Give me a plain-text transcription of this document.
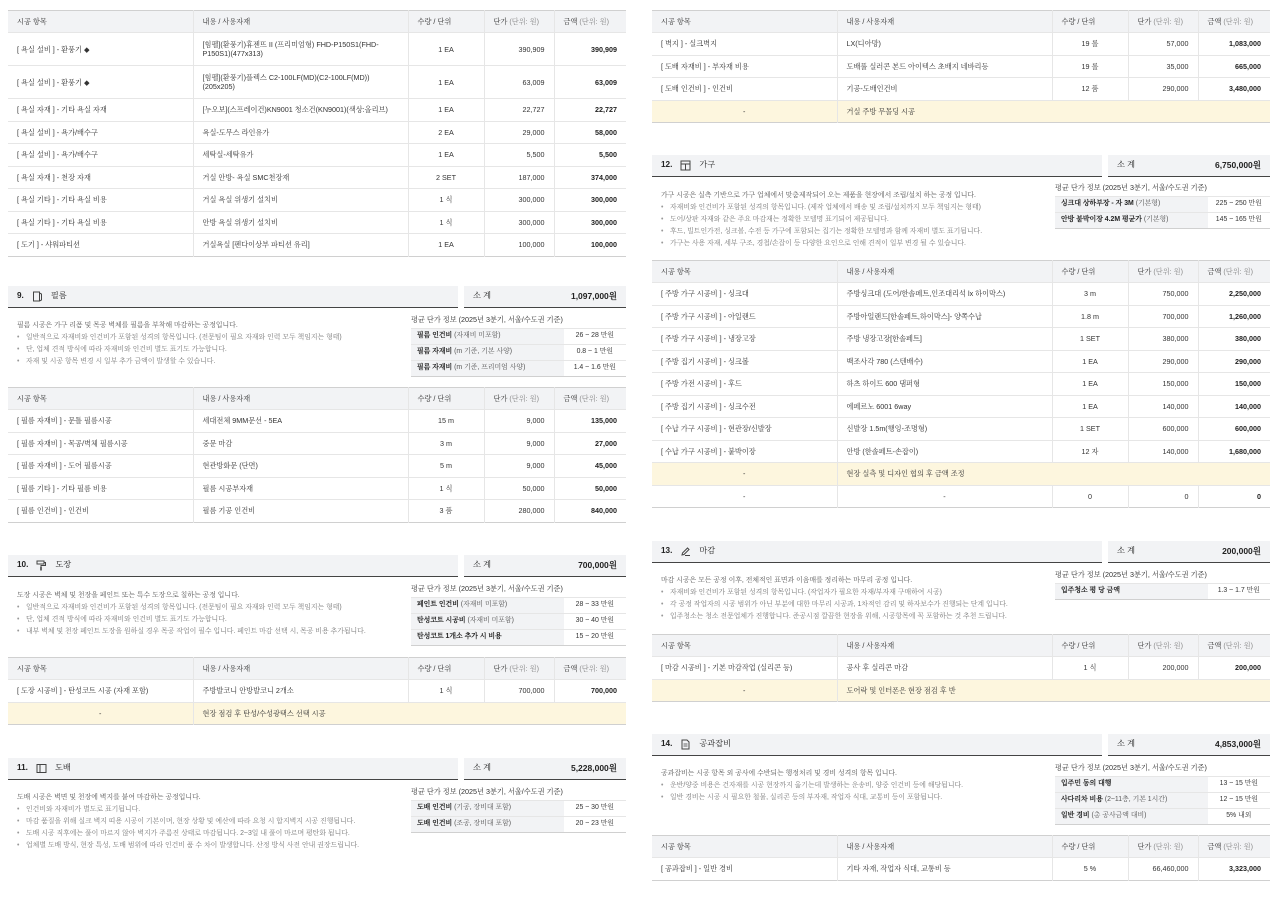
시공 항목	내용 / 사용자재	수량 / 단위	단가 (단위: 원)	금액 (단위: 원)
[ 욕실 설비 ] - 환풍기 ◆	[힘펠](환풍기)휴젠뜨 II (프리미엄형) FHD-P150S1(FHD-P150S1)(477x313)	1 EA	390,909	390,909
[ 욕실 설비 ] - 환풍기 ◆	[힘펠](환풍기)플렉스 C2-100LF(MD)(C2-100LF(MD))(205x205)	1 EA	63,009	63,009
[ 욕실 자재 ] - 기타 욕실 자재	[누오보](스프레이건)KN9001 청소건(KN9001)(색상:올리브)	1 EA	22,727	22,727
[ 욕실 설비 ] - 욕가/배수구	욕실-도무스 라인유가	2 EA	29,000	58,000
[ 욕실 설비 ] - 욕가/배수구	세탁실-세탁유가	1 EA	5,500	5,500
[ 욕실 자재 ] - 천장 자재	거실 안방- 욕실 SMC천장재	2 SET	187,000	374,000
[ 욕실 기타 ] - 기타 욕실 비용	거실 욕실 위생기 설치비	1 식	300,000	300,000
[ 욕실 기타 ] - 기타 욕실 비용	안방 욕실 위생기 설치비	1 식	300,000	300,000
[ 도기 ] - 샤워파티션	거실욕실 [펜다이상부 파티션 유리]	1 EA	100,000	100,000
9.	필름	소 계	1,097,000원
필름 시공은 가구 리폼 및 목공 벽체를 필름을 부착해 마감하는 공정입니다.
• 일반적으로 자재비와 인건비가 포함된 성격의 항목입니다. (전문팀이 필요 자재와 인력 모두 책임지는 형태)
• 단, 업체 견적 방식에 따라 자재비와 인건비 별도 표기도 가능합니다.
• 자재 및 시공 항목 변경 시 일부 추가 금액이 발생할 수 있습니다.
평균 단가 정보 (2025년 3분기, 서울/수도권 기준)
필름 인건비 (자재비 미포함)	26 ~ 28 만원
필름 자재비 (m 기준, 기본 사양)	0.8 ~ 1 만원
필름 자재비 (m 기준, 프리미엄 사양)	1.4 ~ 1.6 만원
시공 항목	내용 / 사용자재	수량 / 단위	단가 (단위: 원)	금액 (단위: 원)
[ 필름 자재비 ] - 문틀 필름시공	세대전체 9MM문선 - 5EA	15 m	9,000	135,000
[ 필름 자재비 ] - 목공/벽체 필름시공	중문 마감	3 m	9,000	27,000
[ 필름 자재비 ] - 도어 필름시공	현관방화문 (단면)	5 m	9,000	45,000
[ 필름 기타 ] - 기타 필름 비용	필름 시공부자재	1 식	50,000	50,000
[ 필름 인건비 ] - 인건비	필름 기공 인건비	3 품	280,000	840,000
10.	도장	소 계	700,000원
도장 시공은 벽체 및 천장을 페인트 또는 특수 도장으로 칠하는 공정 입니다.
• 일반적으로 자재비와 인건비가 포함된 성격의 항목입니다. (전문팀이 필요 자재와 인력 모두 책임지는 형태)
• 단, 업체 견적 방식에 따라 자재비와 인건비 별도 표기도 가능합니다.
• 내부 벽체 및 천장 페인트 도장을 원하실 경우 목공 작업이 필수 입니다. 페인트 마감 선택 시, 목공 비용 추가됩니다.
평균 단가 정보 (2025년 3분기, 서울/수도권 기준)
페인트 인건비 (자재비 미포함)	28 ~ 33 만원
탄성코트 시공비 (자재비 미포함)	30 ~ 40 만원
탄성코트 1개소 추가 시 비용	15 ~ 20 만원
시공 항목	내용 / 사용자재	수량 / 단위	단가 (단위: 원)	금액 (단위: 원)
[ 도장 시공비 ] - 탄성코트 시공 (자재 포함)	주방발코니 안방발코니 2개소	1 식	700,000	700,000
-	현장 점검 후 탄성/수성광택스 선택 시공			
11.	도배	소 계	5,228,000원
도배 시공은 벽면 및 천장에 벽지를 붙여 마감하는 공정입니다.
• 인건비와 자재비가 별도로 표기됩니다.
• 마감 품질을 위해 실크 벽지 띠용 시공이 기본이며, 현장 상황 및 예산에 따라 요청 시 합지벽지 시공 진행됩니다.
• 도배 시공 직후에는 풀이 마르지 않아 벽지가 주름진 상태로 마감됩니다. 2~3일 내 풀이 마르며 평탄화 됩니다.
• 업체별 도배 방식, 현장 특성, 도배 범위에 따라 인건비 품 수 차이 발생합니다. 산정 방식 사전 안내 권장드립니다.
평균 단가 정보 (2025년 3분기, 서울/수도권 기준)
도배 인건비 (기공, 장비대 포함)	25 ~ 30 만원
도배 인건비 (조공, 장비대 포함)	20 ~ 23 만원
시공 항목	내용 / 사용자재	수량 / 단위	단가 (단위: 원)	금액 (단위: 원)
[ 벽지 ] - 실크벽지	LX(디아망)	19 롤	57,000	1,083,000
[ 도배 자재비 ] - 부자재 비용	도배풀 실러콘 본드 아이텍스 초배지 네바리등	19 롤	35,000	665,000
[ 도배 인건비 ] - 인건비	기공-도배인건비	12 품	290,000	3,480,000
-	거실 주방 무몰딩 시공			
12.	가구	소 계	6,750,000원
가구 시공은 실측 기반으로 가구 업체에서 맞춤제작되어 오는 제품을 현장에서 조립/설치 하는 공정 입니다.
• 자재비와 인건비가 포함된 성격의 항목입니다. (제작 업체에서 배송 및 조립/설치까지 모두 책임지는 형태)
• 도어/상판 자재와 같은 주요 마감재는 정확한 모델명 표기되어 제공됩니다.
• 후드, 빌트인가전, 싱크볼, 수전 등 가구에 포함되는 집기는 정확한 모델명과 함께 자재비 별도 표기됩니다.
• 가구는 사용 자재, 세부 구조, 경첩/손잡이 등 다양한 요인으로 인해 견적이 일부 변경 될 수 있습니다.
평균 단가 정보 (2025년 3분기, 서울/수도권 기준)
싱크대 상하부장 - 자 3M (기본형)	225 ~ 250 만원
안방 붙박이장 4.2M 평균가 (기본형)	145 ~ 165 만원
시공 항목	내용 / 사용자재	수량 / 단위	단가 (단위: 원)	금액 (단위: 원)
[ 주방 가구 시공비 ] - 싱크대	주방싱크대 (도어/한솔페트,인조대리석 lx 하이막스)	3 m	750,000	2,250,000
[ 주방 가구 시공비 ] - 아일랜드	주방아일랜드[한솔페트,하이막스]- 양쪽수납	1.8 m	700,000	1,260,000
[ 주방 가구 시공비 ] - 냉장고장	주방 냉장고장[한솔페트]	1 SET	380,000	380,000
[ 주방 집기 시공비 ] - 싱크볼	백조사각 780 (스텐배수)	1 EA	290,000	290,000
[ 주방 가전 시공비 ] - 후드	하츠 하이드 600 댐퍼형	1 EA	150,000	150,000
[ 주방 집기 시공비 ] - 싱크수전	에페르노 6001 6way	1 EA	140,000	140,000
[ 수납 가구 시공비 ] - 현관장/신발장	신발장 1.5m(행잉-조명형)	1 SET	600,000	600,000
[ 수납 가구 시공비 ] - 붙박이장	안방 (한솔페트-손잡이)	12 자	140,000	1,680,000
-	현장 실측 및 디자인 협의 후 금액 조정			
-	-	0	0	0
13.	마감	소 계	200,000원
마감 시공은 모든 공정 이후, 전체적인 표면과 이음매를 정리하는 마무리 공정 입니다.
• 자재비와 인건비가 포함된 성격의 항목입니다. (작업자가 필요한 자재/부자재 구매하여 시공)
• 각 공정 작업자의 시공 범위가 아닌 부분에 대한 마무리 시공과, 1차적인 감리 및 하자보수가 진행되는 단계 입니다.
• 입주청소는 청소 전문업체가 진행합니다. 준공시점 깔끔한 현장을 위해, 시공항목에 꼭 포함하는 것 추천 드립니다.
평균 단가 정보 (2025년 3분기, 서울/수도권 기준)
입주청소 평 당 금액	1.3 ~ 1.7 만원
시공 항목	내용 / 사용자재	수량 / 단위	단가 (단위: 원)	금액 (단위: 원)
[ 마감 시공비 ] - 기본 마감작업 (실리콘 등)	공사 후 실리콘 마감	1 식	200,000	200,000
-	도어락 및 인터폰은 현장 점검 후 반			
14.	공과잡비	소 계	4,853,000원
공과잡비는 시공 항목 외 공사에 수반되는 행정처리 및 경비 성격의 항목 입니다.
• 운반/양중 비용은 건자재를 시공 현장까지 옮기는데 발생하는 운송비, 양중 인건비 등에 해당됩니다.
• 일반 경비는 시공 시 필요한 철물, 실리콘 등의 부자재, 작업자 식대, 교통비 등이 포함됩니다.
평균 단가 정보 (2025년 3분기, 서울/수도권 기준)
입주민 동의 대행	13 ~ 15 만원
사다리차 비용 (2~11층, 기본 1시간)	12 ~ 15 만원
일반 경비 (총 공사금액 대비)	5% 내외
시공 항목	내용 / 사용자재	수량 / 단위	단가 (단위: 원)	금액 (단위: 원)
[ 공과잡비 ] - 일반 경비	기타 자재, 작업자 식대, 교통비 등	5 %	66,460,000	3,323,000
